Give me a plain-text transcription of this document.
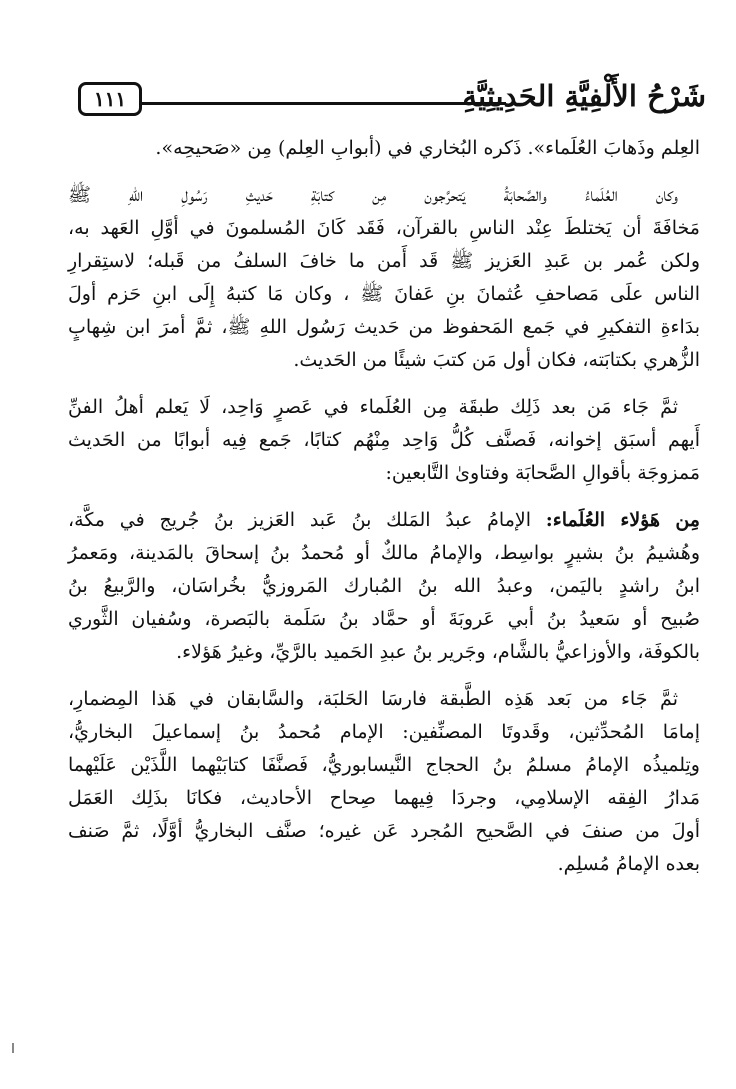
١١١	شَرْحُ الأَلْفِيَّةِ الحَدِيثِيَّةِ

العِلم وذَهابَ العُلَماء». ذَكره البُخاري في (أبوابِ العِلم) مِن «صَحيحِه».

وكان العُلَماءُ والصَّحابَةُ يَتحرَّجون مِن كتابَةِ حَديثِ رَسُولِ اللهِ ﷺ
مَخافَةَ أن يَختلطَ عِنْد الناسِ بالقرآن، فَقَد كَانَ المُسلمونَ في أوَّلِ العَهد به،
ولكن عُمر بن عَبدِ العَزيز ﷺ قَد أَمن ما خافَ السلفُ من قَبله؛ لاستِقرارِ
الناس علَى مَصاحفِ عُثمانَ بنِ عَفانَ ﷺ ، وكان مَا كتبهُ إِلَى ابنِ حَزم أولَ
بدَاءةِ التفكيرِ في جَمع المَحفوظ من حَديث رَسُول اللهِ ﷺ، ثمَّ أمرَ ابن شِهابٍ
الزُّهري بكتابَته، فكان أول مَن كتبَ شيئًا من الحَديث.

ثمَّ جَاء مَن بعد ذَلِك طبقَة مِن العُلَماء في عَصرٍ وَاحِد، لَا يَعلم أهلُ الفنِّ
أَيهم أسبَق إخوانه، فَصنَّف كُلُّ وَاحِد مِنْهُم كتابًا، جَمع فِيه أبوابًا من الحَديث
مَمزوجَة بأقوالِ الصَّحابَة وفتاوىٰ التَّابعين:

مِن هَؤلاء العُلَماء: الإمامُ عبدُ المَلك بنُ عَبد العَزيز بنُ جُريج في مكَّة،
وهُشيمُ بنُ بشيرٍ بواسِط، والإمامُ مالكٌ أو مُحمدُ بنُ إسحاقَ بالمَدينة، ومَعمرُ
ابنُ راشدٍ باليَمن، وعبدُ الله بنُ المُبارك المَروزيُّ بخُراسَان، والرَّبيعُ بنُ
صُبيح أو سَعيدُ بنُ أبي عَروبَةَ أو حمَّاد بنُ سَلَمة بالبَصرة، وسُفيان الثَّوري
بالكوفَة، والأوزاعيُّ بالشَّام، وجَرير بنُ عبدِ الحَميد بالرَّيِّ، وغيرُ هَؤلاء.

ثمَّ جَاء من بَعد هَذِه الطَّبقة فارسَا الحَلبَة، والسَّابقان في هَذا المِضمارِ،
إمامَا المُحدِّثين، وقَدوتَا المصنِّفين: الإمام مُحمدُ بنُ إسماعيلَ البخاريُّ،
وتِلميذُه الإمامُ مسلمُ بنُ الحجاج النَّيسابوريُّ، فَصنَّفَا كتابَيْهما اللَّذَيْن عَلَيْهما
مَدارُ الفِقه الإسلامِي، وجردَا فِيهما صِحاح الأحاديث، فكانَا بذَلِك العَمَل
أولَ من صنفَ في الصَّحيح المُجرد عَن غيره؛ صنَّف البخاريُّ أوَّلًا، ثمَّ صَنف
بعده الإمامُ مُسلِم.
